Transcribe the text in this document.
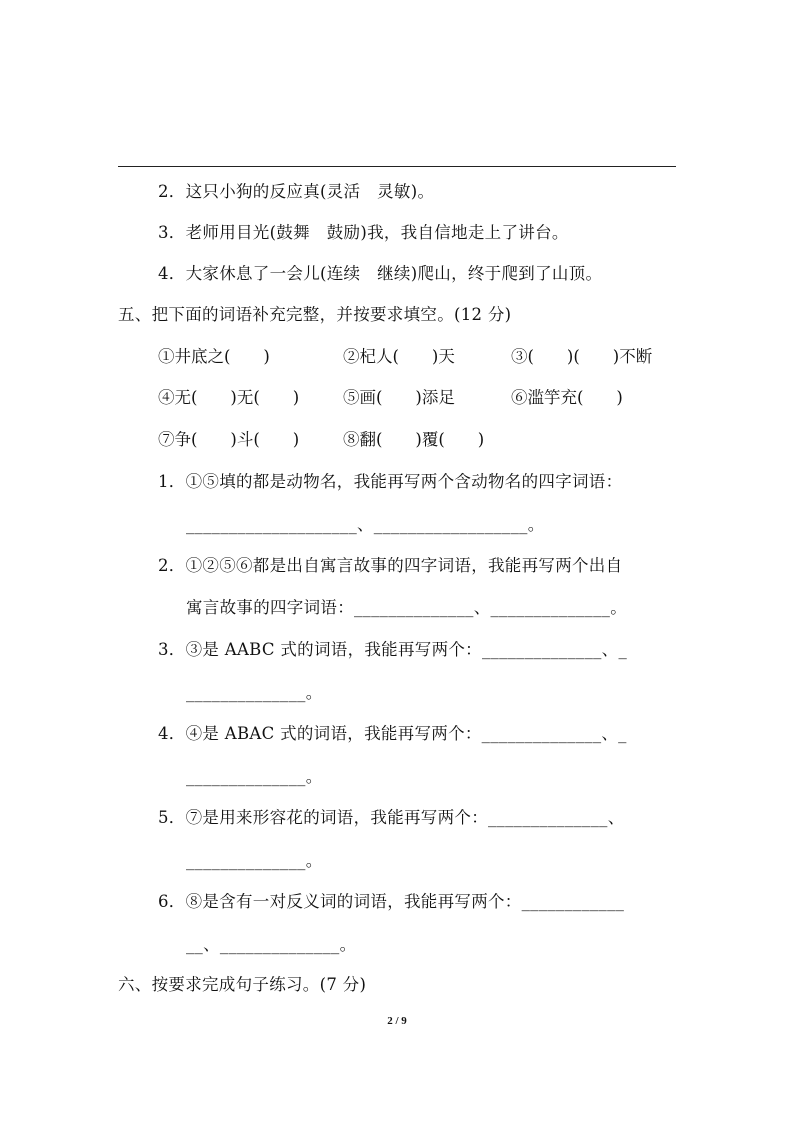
2．这只小狗的反应真(灵活　灵敏)。
3．老师用目光(鼓舞　鼓励)我，我自信地走上了讲台。
4．大家休息了一会儿(连续　继续)爬山，终于爬到了山顶。
五、把下面的词语补充完整，并按要求填空。(12 分)
①井底之(　　)	②杞人(　　)天	③(　　)(　　)不断
④无(　　)无(　　)	⑤画(　　)添足	⑥滥竽充(　　)
⑦争(　　)斗(　　)	⑧翻(　　)覆(　　)
1．①⑤填的都是动物名，我能再写两个含动物名的四字词语：
____________________、__________________。
2．①②⑤⑥都是出自寓言故事的四字词语，我能再写两个出自
寓言故事的四字词语：______________、______________。
3．③是 AABC 式的词语，我能再写两个：______________、_
______________。
4．④是 ABAC 式的词语，我能再写两个：______________、_
______________。
5．⑦是用来形容花的词语，我能再写两个：______________、
______________。
6．⑧是含有一对反义词的词语，我能再写两个：____________
__、______________。
六、按要求完成句子练习。(7 分)
2 / 9
